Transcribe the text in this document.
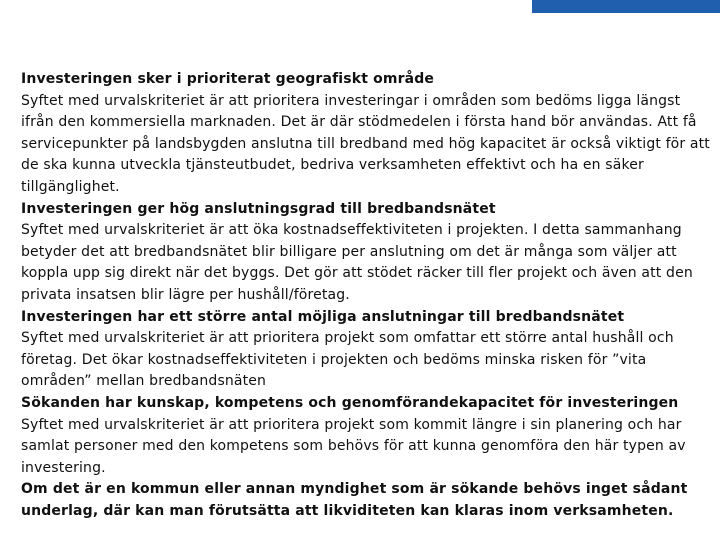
Investeringen sker i prioriterat geografiskt område

Syftet med urvalskriteriet är att prioritera investeringar i områden som bedöms ligga längst ifrån den kommersiella marknaden. Det är där stödmedelen i första hand bör användas. Att få servicepunkter på landsbygden anslutna till bredband med hög kapacitet är också viktigt för att de ska kunna utveckla tjänsteutbudet, bedriva verksamheten effektivt och ha en säker tillgänglighet.

Investeringen ger hög anslutningsgrad till bredbandsnätet

Syftet med urvalskriteriet är att öka kostnadseffektiviteten i projekten. I detta sammanhang betyder det att bredbandsnätet blir billigare per anslutning om det är många som väljer att koppla upp sig direkt när det byggs. Det gör att stödet räcker till fler projekt och även att den privata insatsen blir lägre per hushåll/företag.

Investeringen har ett större antal möjliga anslutningar till bredbandsnätet

Syftet med urvalskriteriet är att prioritera projekt som omfattar ett större antal hushåll och företag. Det ökar kostnadseffektiviteten i projekten och bedöms minska risken för ”vita områden” mellan bredbandsnäten

Sökanden har kunskap, kompetens och genomförandekapacitet för investeringen

Syftet med urvalskriteriet är att prioritera projekt som kommit längre i sin planering och har samlat personer med den kompetens som behövs för att kunna genomföra den här typen av investering.

Om det är en kommun eller annan myndighet som är sökande behövs inget sådant underlag, där kan man förutsätta att likviditeten kan klaras inom verksamheten.
